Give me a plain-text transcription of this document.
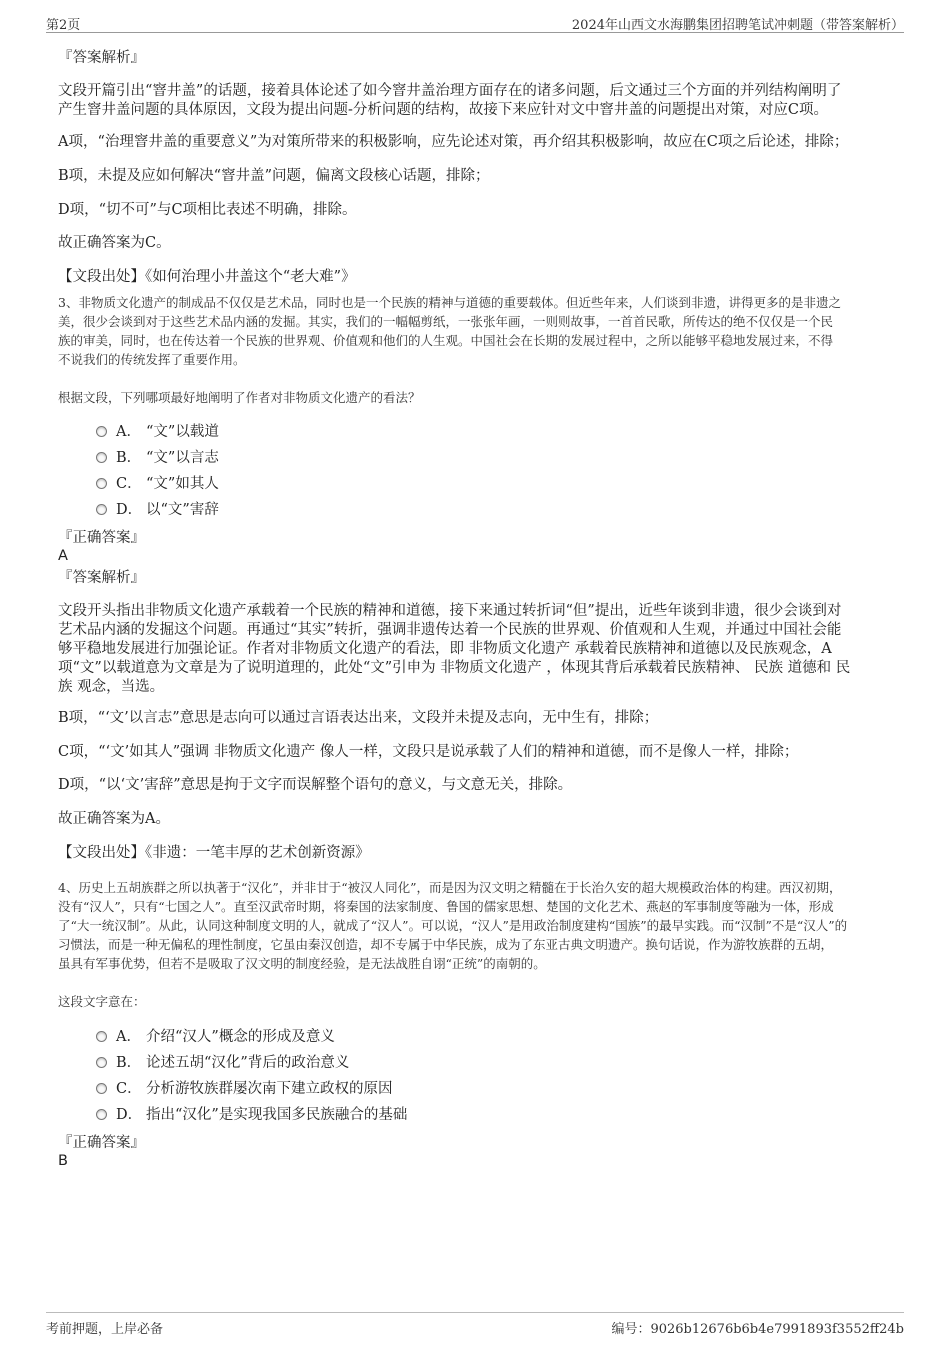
第2页	2024年山西文水海鹏集团招聘笔试冲刺题（带答案解析）
『答案解析』
文段开篇引出“窨井盖”的话题，接着具体论述了如今窨井盖治理方面存在的诸多问题，后文通过三个方面的并列结构阐明了
产生窨井盖问题的具体原因，文段为提出问题-分析问题的结构，故接下来应针对文中窨井盖的问题提出对策，对应C项。
A项，“治理窨井盖的重要意义”为对策所带来的积极影响，应先论述对策，再介绍其积极影响，故应在C项之后论述，排除；
B项，未提及应如何解决“窨井盖”问题，偏离文段核心话题，排除；
D项，“切不可”与C项相比表述不明确，排除。
故正确答案为C。
【文段出处】《如何治理小井盖这个“老大难”》
3、非物质文化遗产的制成品不仅仅是艺术品，同时也是一个民族的精神与道德的重要载体。但近些年来，人们谈到非遗，讲得更多的是非遗之
美，很少会谈到对于这些艺术品内涵的发掘。其实，我们的一幅幅剪纸，一张张年画，一则则故事，一首首民歌，所传达的绝不仅仅是一个民
族的审美，同时，也在传达着一个民族的世界观、价值观和他们的人生观。中国社会在长期的发展过程中，之所以能够平稳地发展过来，不得
不说我们的传统发挥了重要作用。
根据文段，下列哪项最好地阐明了作者对非物质文化遗产的看法？
A． “文”以载道
B． “文”以言志
C． “文”如其人
D． 以“文”害辞
『正确答案』
A
『答案解析』
文段开头指出非物质文化遗产承载着一个民族的精神和道德，接下来通过转折词“但”提出，近些年谈到非遗，很少会谈到对
艺术品内涵的发掘这个问题。再通过“其实”转折，强调非遗传达着一个民族的世界观、价值观和人生观，并通过中国社会能
够平稳地发展进行加强论证。作者对非物质文化遗产的看法，即 非物质文化遗产 承载着民族精神和道德以及民族观念，A
项“文”以载道意为文章是为了说明道理的，此处“文”引申为 非物质文化遗产 ，体现其背后承载着民族精神、 民族 道德和 民
族 观念，当选。
B项，“‘文’以言志”意思是志向可以通过言语表达出来，文段并未提及志向，无中生有，排除；
C项，“‘文’如其人”强调 非物质文化遗产 像人一样，文段只是说承载了人们的精神和道德，而不是像人一样，排除；
D项，“以‘文’害辞”意思是拘于文字而误解整个语句的意义，与文意无关，排除。
故正确答案为A。
【文段出处】《非遗：一笔丰厚的艺术创新资源》
4、历史上五胡族群之所以执著于“汉化”，并非甘于“被汉人同化”，而是因为汉文明之精髓在于长治久安的超大规模政治体的构建。西汉初期，
没有“汉人”，只有“七国之人”。直至汉武帝时期，将秦国的法家制度、鲁国的儒家思想、楚国的文化艺术、燕赵的军事制度等融为一体，形成
了“大一统汉制”。从此，认同这种制度文明的人，就成了“汉人”。可以说，“汉人”是用政治制度建构“国族”的最早实践。而“汉制”不是“汉人”的
习惯法，而是一种无偏私的理性制度，它虽由秦汉创造，却不专属于中华民族，成为了东亚古典文明遗产。换句话说，作为游牧族群的五胡，
虽具有军事优势，但若不是吸取了汉文明的制度经验，是无法战胜自诩“正统”的南朝的。
这段文字意在：
A． 介绍“汉人”概念的形成及意义
B． 论述五胡“汉化”背后的政治意义
C． 分析游牧族群屡次南下建立政权的原因
D． 指出“汉化”是实现我国多民族融合的基础
『正确答案』
B
考前押题，上岸必备	编号：9026b12676b6b4e7991893f3552ff24b
